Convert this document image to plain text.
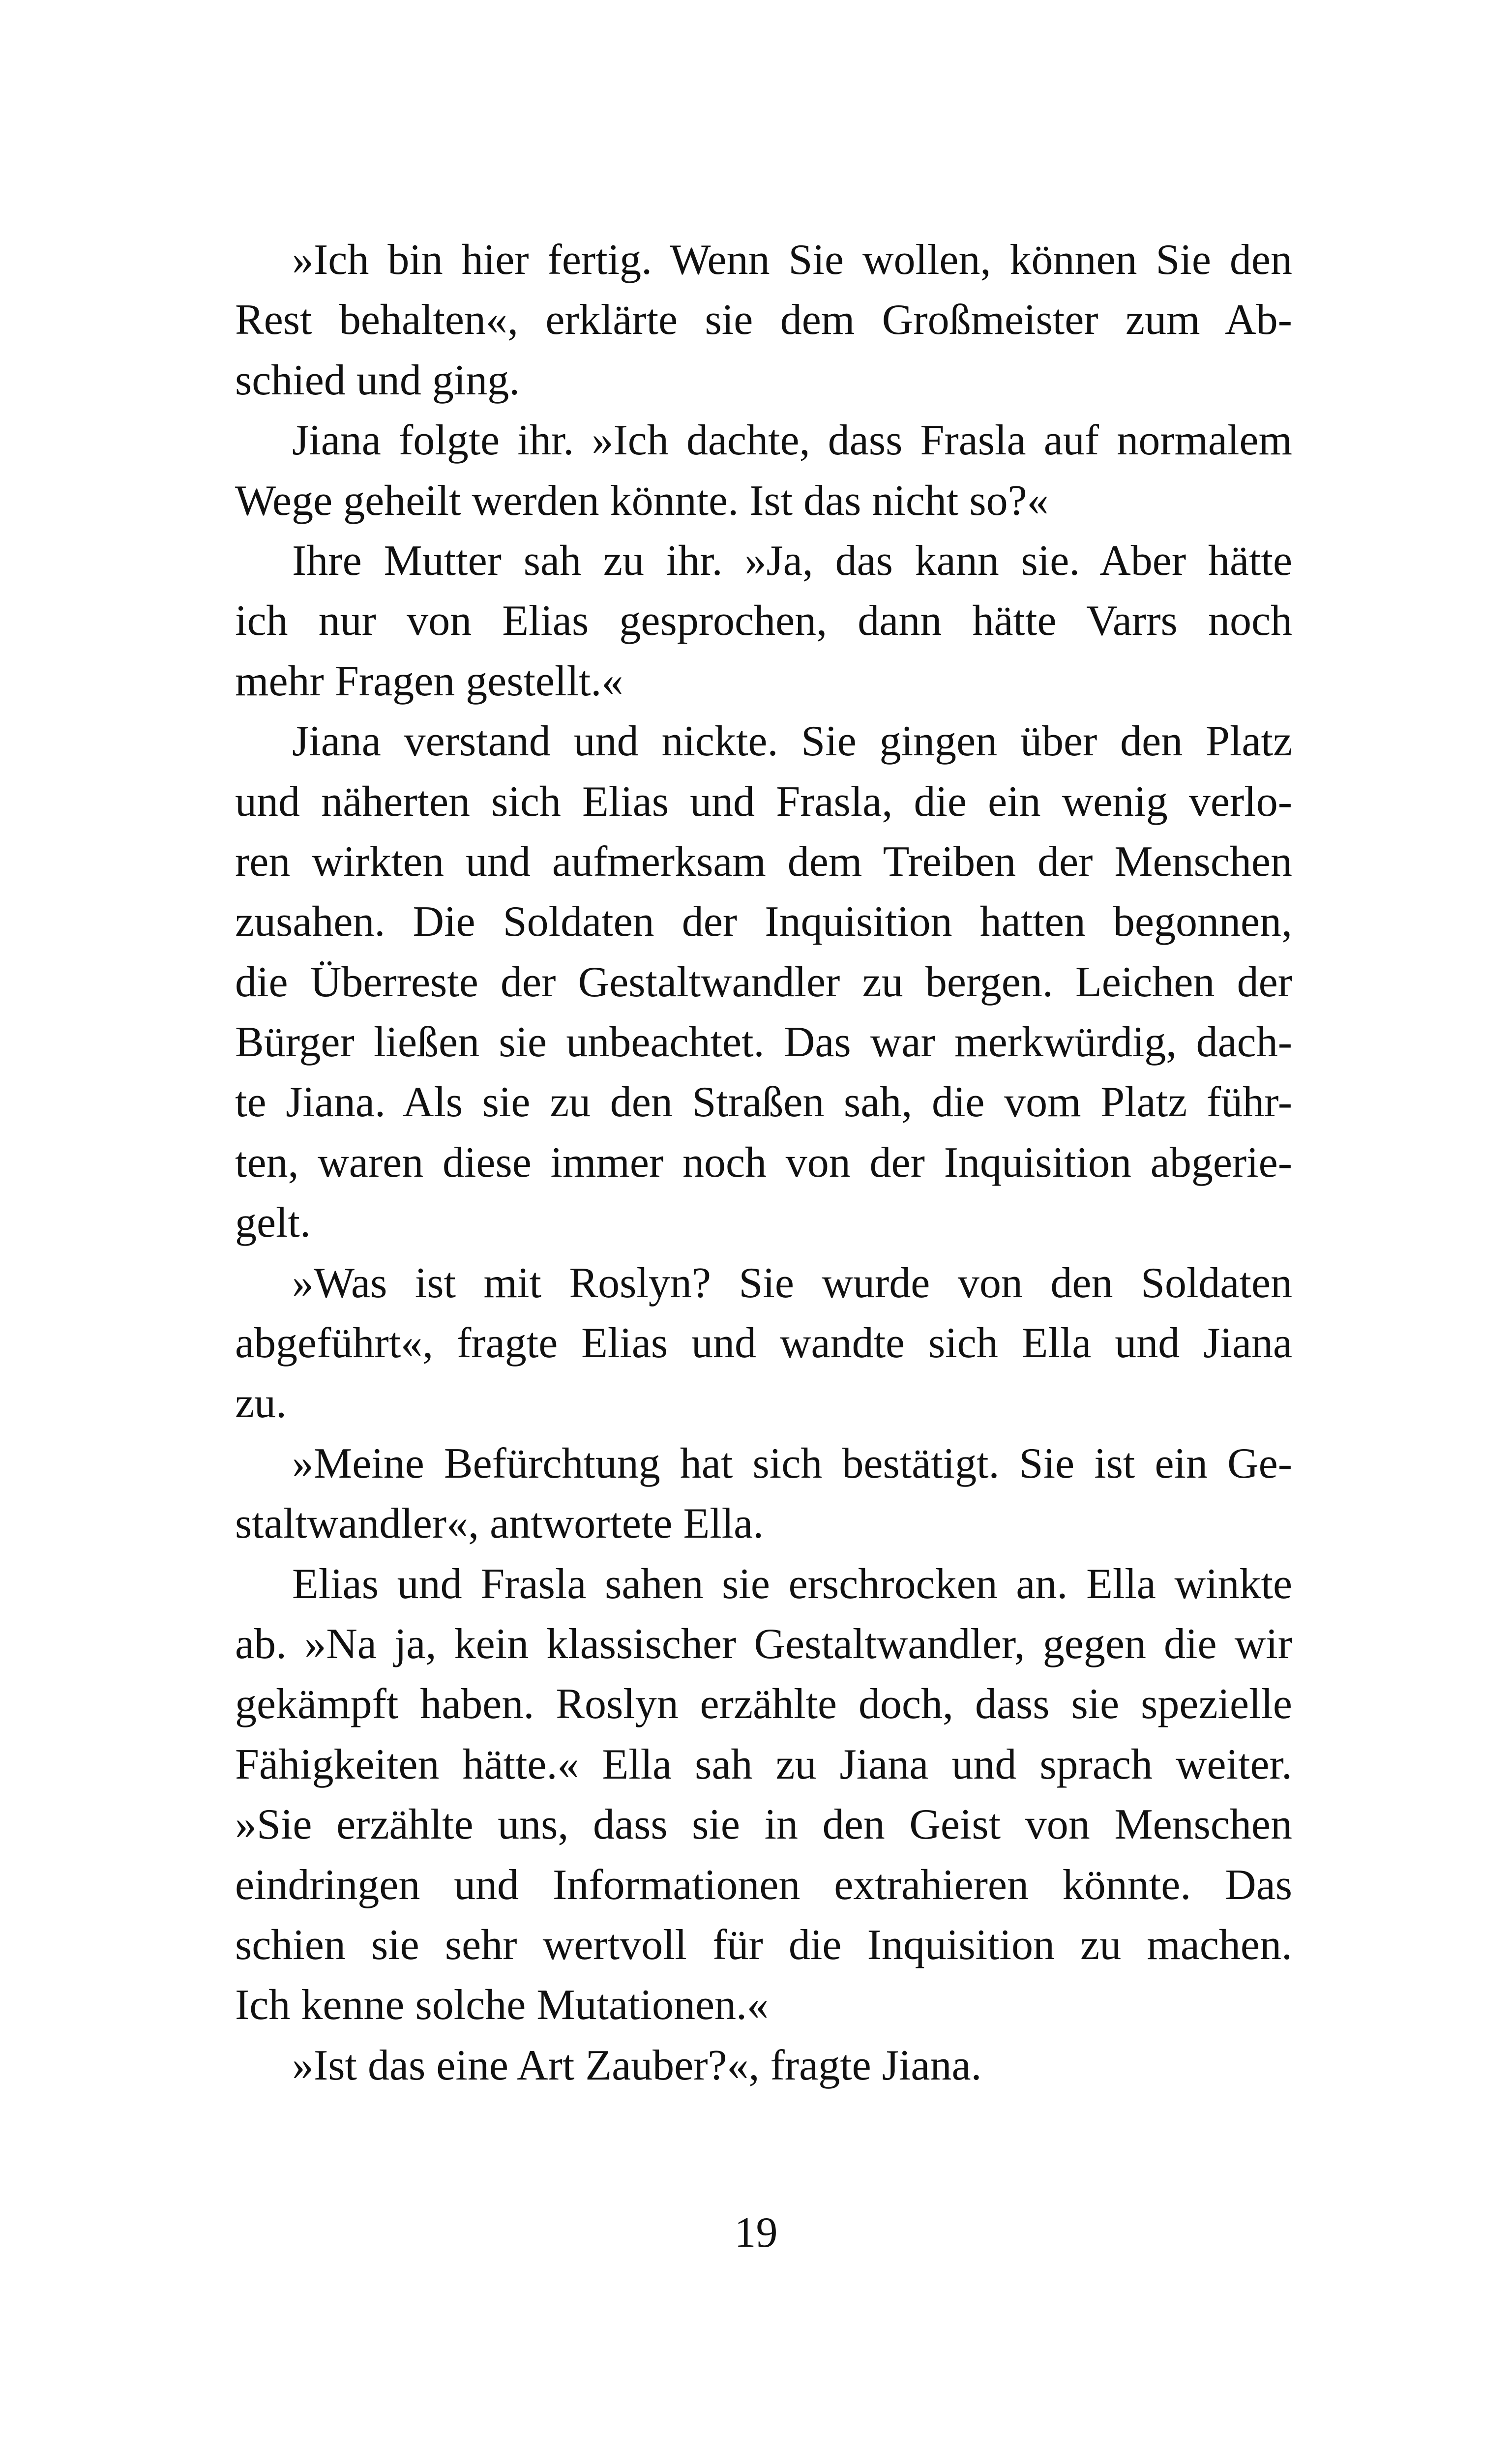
»Ich bin hier fertig. Wenn Sie wollen, können Sie den
Rest behalten«, erklärte sie dem Großmeister zum Ab-
schied und ging.
Jiana folgte ihr. »Ich dachte, dass Frasla auf normalem
Wege geheilt werden könnte. Ist das nicht so?«
Ihre Mutter sah zu ihr. »Ja, das kann sie. Aber hätte
ich nur von Elias gesprochen, dann hätte Varrs noch
mehr Fragen gestellt.«
Jiana verstand und nickte. Sie gingen über den Platz
und näherten sich Elias und Frasla, die ein wenig verlo-
ren wirkten und aufmerksam dem Treiben der Menschen
zusahen. Die Soldaten der Inquisition hatten begonnen,
die Überreste der Gestaltwandler zu bergen. Leichen der
Bürger ließen sie unbeachtet. Das war merkwürdig, dach-
te Jiana. Als sie zu den Straßen sah, die vom Platz führ-
ten, waren diese immer noch von der Inquisition abgerie-
gelt.
»Was ist mit Roslyn? Sie wurde von den Soldaten
abgeführt«, fragte Elias und wandte sich Ella und Jiana
zu.
»Meine Befürchtung hat sich bestätigt. Sie ist ein Ge-
staltwandler«, antwortete Ella.
Elias und Frasla sahen sie erschrocken an. Ella winkte
ab. »Na ja, kein klassischer Gestaltwandler, gegen die wir
gekämpft haben. Roslyn erzählte doch, dass sie spezielle
Fähigkeiten hätte.« Ella sah zu Jiana und sprach weiter.
»Sie erzählte uns, dass sie in den Geist von Menschen
eindringen und Informationen extrahieren könnte. Das
schien sie sehr wertvoll für die Inquisition zu machen.
Ich kenne solche Mutationen.«
»Ist das eine Art Zauber?«, fragte Jiana.
19
